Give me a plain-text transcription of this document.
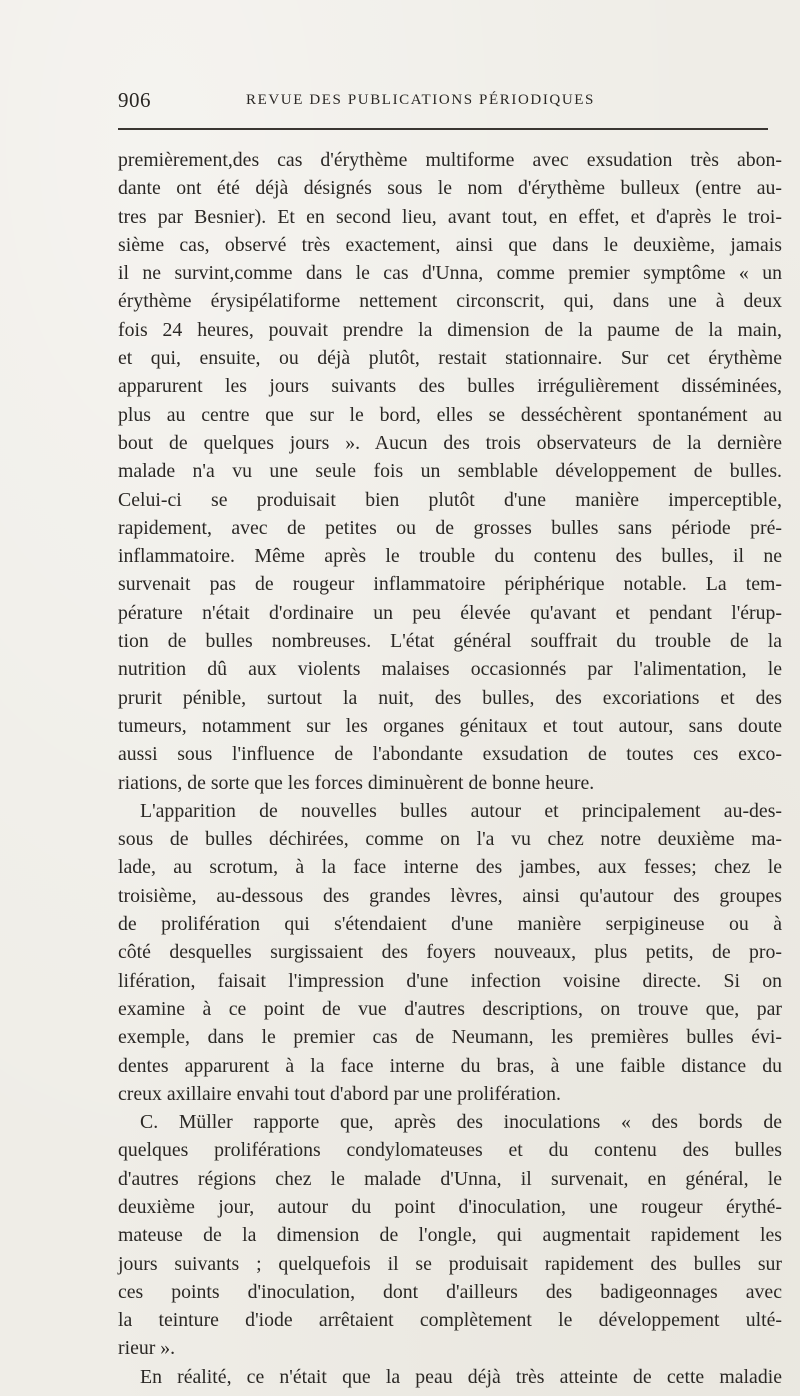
906	REVUE DES PUBLICATIONS PÉRIODIQUES
premièrement,des cas d'érythème multiforme avec exsudation très abon-
dante ont été déjà désignés sous le nom d'érythème bulleux (entre au-
tres par Besnier). Et en second lieu, avant tout, en effet, et d'après le troi-
sième cas, observé très exactement, ainsi que dans le deuxième, jamais
il ne survint,comme dans le cas d'Unna, comme premier symptôme « un
érythème érysipélatiforme nettement circonscrit, qui, dans une à deux
fois 24 heures, pouvait prendre la dimension de la paume de la main,
et qui, ensuite, ou déjà plutôt, restait stationnaire. Sur cet érythème
apparurent les jours suivants des bulles irrégulièrement disséminées,
plus au centre que sur le bord, elles se desséchèrent spontanément au
bout de quelques jours ». Aucun des trois observateurs de la dernière
malade n'a vu une seule fois un semblable développement de bulles.
Celui-ci se produisait bien plutôt d'une manière imperceptible,
rapidement, avec de petites ou de grosses bulles sans période pré-
inflammatoire. Même après le trouble du contenu des bulles, il ne
survenait pas de rougeur inflammatoire périphérique notable. La tem-
pérature n'était d'ordinaire un peu élevée qu'avant et pendant l'érup-
tion de bulles nombreuses. L'état général souffrait du trouble de la
nutrition dû aux violents malaises occasionnés par l'alimentation, le
prurit pénible, surtout la nuit, des bulles, des excoriations et des
tumeurs, notamment sur les organes génitaux et tout autour, sans doute
aussi sous l'influence de l'abondante exsudation de toutes ces exco-
riations, de sorte que les forces diminuèrent de bonne heure.
L'apparition de nouvelles bulles autour et principalement au-des-
sous de bulles déchirées, comme on l'a vu chez notre deuxième ma-
lade, au scrotum, à la face interne des jambes, aux fesses; chez le
troisième, au-dessous des grandes lèvres, ainsi qu'autour des groupes
de prolifération qui s'étendaient d'une manière serpigineuse ou à
côté desquelles surgissaient des foyers nouveaux, plus petits, de pro-
lifération, faisait l'impression d'une infection voisine directe. Si on
examine à ce point de vue d'autres descriptions, on trouve que, par
exemple, dans le premier cas de Neumann, les premières bulles évi-
dentes apparurent à la face interne du bras, à une faible distance du
creux axillaire envahi tout d'abord par une prolifération.
C. Müller rapporte que, après des inoculations « des bords de
quelques proliférations condylomateuses et du contenu des bulles
d'autres régions chez le malade d'Unna, il survenait, en général, le
deuxième jour, autour du point d'inoculation, une rougeur érythé-
mateuse de la dimension de l'ongle, qui augmentait rapidement les
jours suivants ; quelquefois il se produisait rapidement des bulles sur
ces points d'inoculation, dont d'ailleurs des badigeonnages avec
la teinture d'iode arrêtaient complètement le développement ulté-
rieur ».
En réalité, ce n'était que la peau déjà très atteinte de cette maladie
